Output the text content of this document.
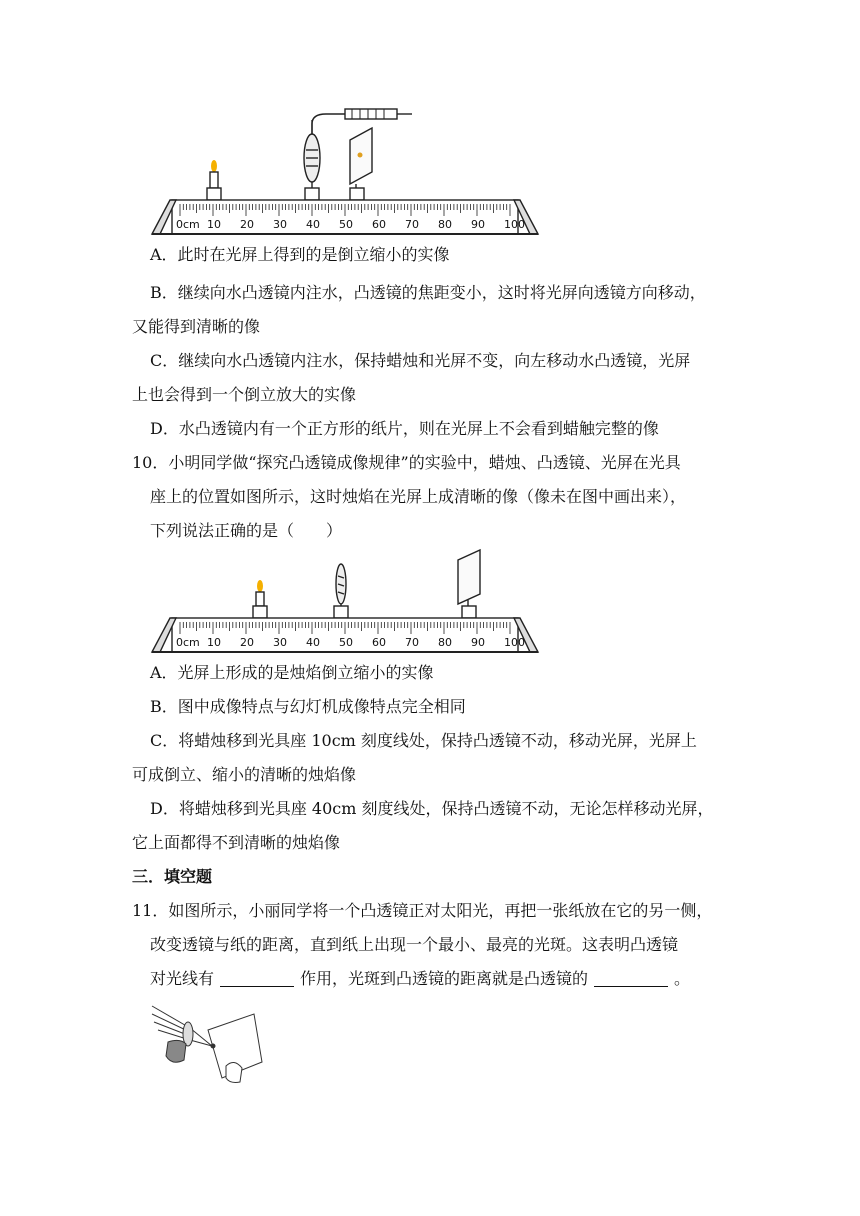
0cm 10 20 30 40 50 60 70 80 90 100
A．此时在光屏上得到的是倒立缩小的实像
B．继续向水凸透镜内注水，凸透镜的焦距变小，这时将光屏向透镜方向移动，
又能得到清晰的像
C．继续向水凸透镜内注水，保持蜡烛和光屏不变，向左移动水凸透镜，光屏
上也会得到一个倒立放大的实像
D．水凸透镜内有一个正方形的纸片，则在光屏上不会看到蜡触完整的像
10．小明同学做“探究凸透镜成像规律”的实验中，蜡烛、凸透镜、光屏在光具
座上的位置如图所示，这时烛焰在光屏上成清晰的像（像未在图中画出来），
下列说法正确的是（　　）
0cm 10 20 30 40 50 60 70 80 90 100
A．光屏上形成的是烛焰倒立缩小的实像
B．图中成像特点与幻灯机成像特点完全相同
C．将蜡烛移到光具座 10cm 刻度线处，保持凸透镜不动，移动光屏，光屏上
可成倒立、缩小的清晰的烛焰像
D．将蜡烛移到光具座 40cm 刻度线处，保持凸透镜不动，无论怎样移动光屏，
它上面都得不到清晰的烛焰像
三．填空题
11．如图所示，小丽同学将一个凸透镜正对太阳光，再把一张纸放在它的另一侧，
改变透镜与纸的距离，直到纸上出现一个最小、最亮的光斑。这表明凸透镜
对光线有	作用，光斑到凸透镜的距离就是凸透镜的	。
